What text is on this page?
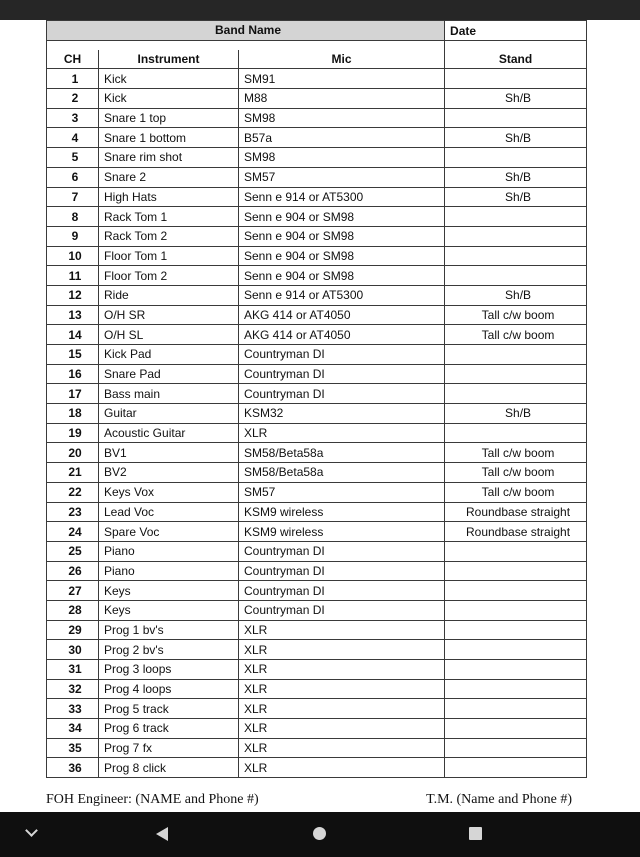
Band Name			Date

CH	Instrument	Mic	Stand
1	Kick	SM91	
2	Kick	M88	Sh/B
3	Snare 1 top	SM98	
4	Snare 1 bottom	B57a	Sh/B
5	Snare rim shot	SM98	
6	Snare 2	SM57	Sh/B
7	High Hats	Senn e 914 or AT5300	Sh/B
8	Rack Tom 1	Senn e 904 or SM98	
9	Rack Tom 2	Senn e 904 or SM98	
10	Floor Tom 1	Senn e 904 or SM98	
11	Floor Tom 2	Senn e 904 or SM98	
12	Ride	Senn e 914 or AT5300	Sh/B
13	O/H SR	AKG 414 or AT4050	Tall c/w boom
14	O/H SL	AKG 414 or AT4050	Tall c/w boom
15	Kick Pad	Countryman DI	
16	Snare Pad	Countryman DI	
17	Bass main	Countryman DI	
18	Guitar	KSM32	Sh/B
19	Acoustic Guitar	XLR	
20	BV1	SM58/Beta58a	Tall c/w boom
21	BV2	SM58/Beta58a	Tall c/w boom
22	Keys Vox	SM57	Tall c/w boom
23	Lead Voc	KSM9 wireless	Roundbase straight
24	Spare Voc	KSM9 wireless	Roundbase straight
25	Piano	Countryman DI	
26	Piano	Countryman DI	
27	Keys	Countryman DI	
28	Keys	Countryman DI	
29	Prog 1 bv's	XLR	
30	Prog 2 bv's	XLR	
31	Prog 3 loops	XLR	
32	Prog 4 loops	XLR	
33	Prog 5 track	XLR	
34	Prog 6 track	XLR	
35	Prog 7 fx	XLR	
36	Prog 8 click	XLR	
FOH Engineer: (NAME and Phone #)	T.M. (Name and Phone #)
